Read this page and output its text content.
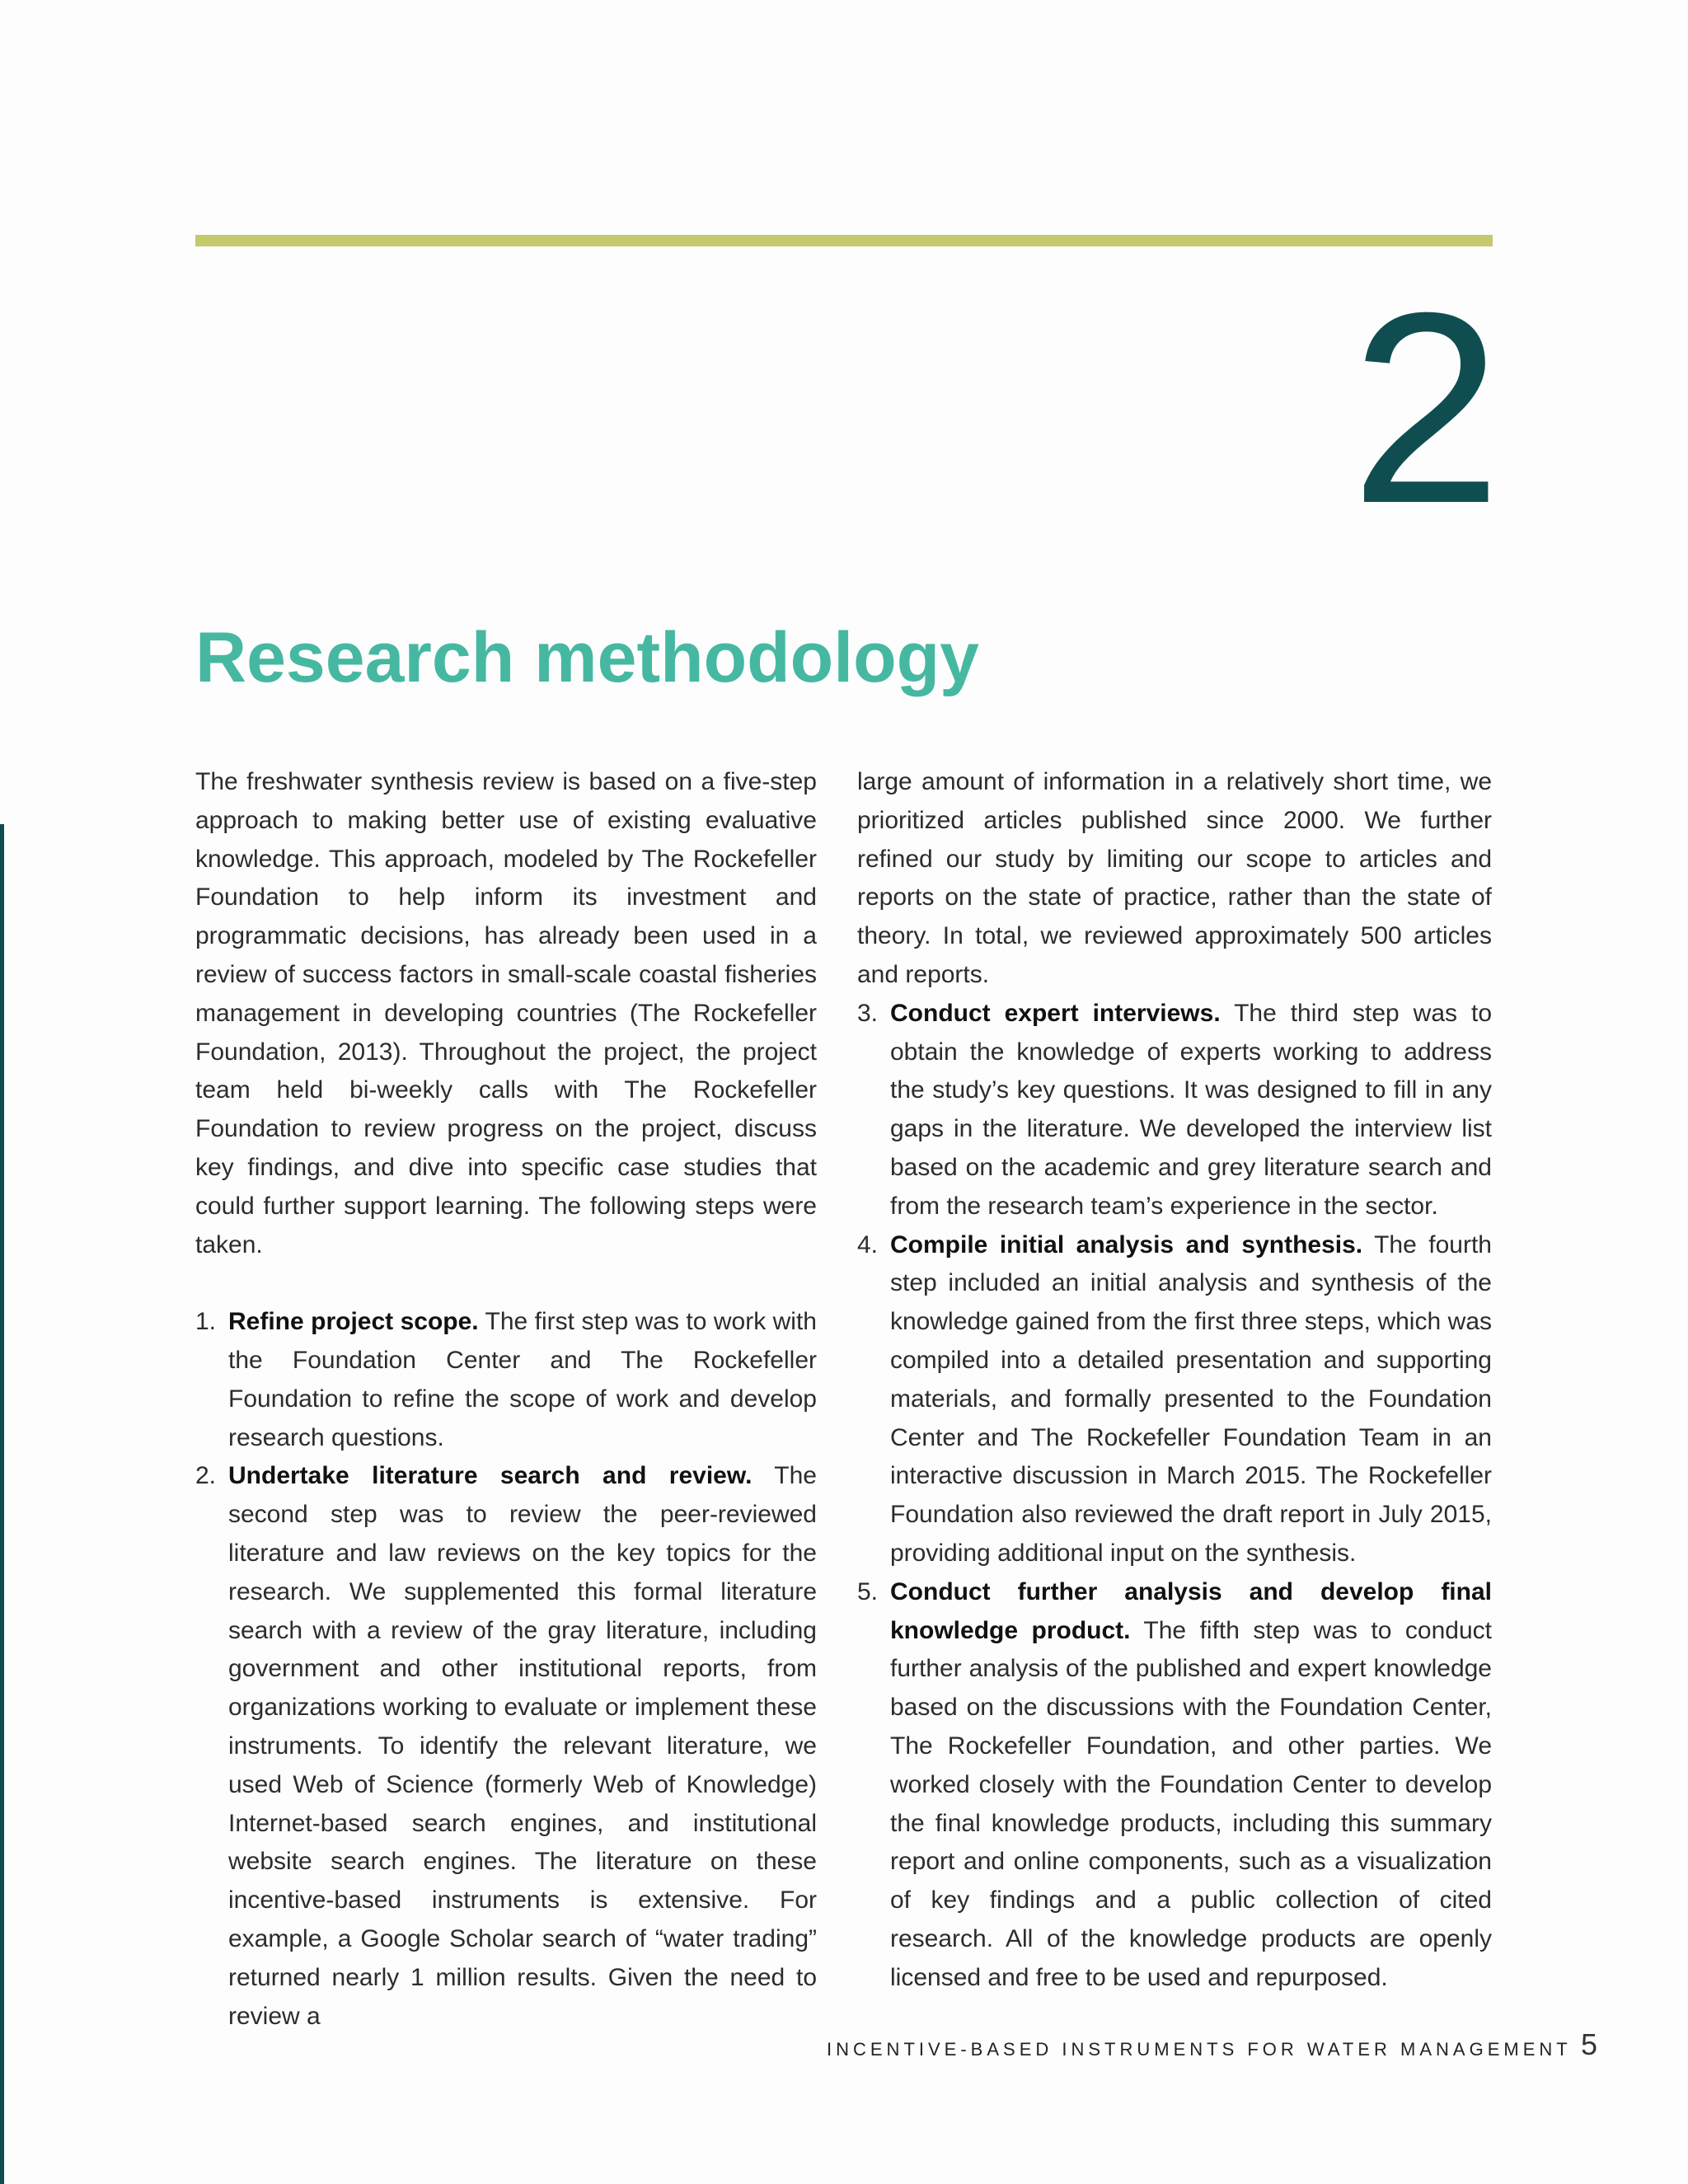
2
Research methodology

The freshwater synthesis review is based on a five-step approach to making better use of existing evaluative knowledge. This approach, modeled by The Rockefeller Foundation to help inform its investment and programmatic decisions, has already been used in a review of success factors in small-scale coastal fisheries management in developing countries (The Rockefeller Foundation, 2013). Throughout the project, the project team held bi-weekly calls with The Rockefeller Foundation to review progress on the project, discuss key findings, and dive into specific case studies that could further support learning. The following steps were taken.

1. Refine project scope. The first step was to work with the Foundation Center and The Rockefeller Foundation to refine the scope of work and develop research questions.
2. Undertake literature search and review. The second step was to review the peer-reviewed literature and law reviews on the key topics for the research. We supplemented this formal literature search with a review of the gray literature, including government and other institutional reports, from organizations working to evaluate or implement these instruments. To identify the relevant literature, we used Web of Science (formerly Web of Knowledge) Internet-based search engines, and institutional website search engines. The literature on these incentive-based instruments is extensive. For example, a Google Scholar search of “water trading” returned nearly 1 million results. Given the need to review a

large amount of information in a relatively short time, we prioritized articles published since 2000. We further refined our study by limiting our scope to articles and reports on the state of practice, rather than the state of theory. In total, we reviewed approximately 500 articles and reports.

3. Conduct expert interviews. The third step was to obtain the knowledge of experts working to address the study’s key questions. It was designed to fill in any gaps in the literature. We developed the interview list based on the academic and grey literature search and from the research team’s experience in the sector.
4. Compile initial analysis and synthesis. The fourth step included an initial analysis and synthesis of the knowledge gained from the first three steps, which was compiled into a detailed presentation and supporting materials, and formally presented to the Foundation Center and The Rockefeller Foundation Team in an interactive discussion in March 2015. The Rockefeller Foundation also reviewed the draft report in July 2015, providing additional input on the synthesis.
5. Conduct further analysis and develop final knowledge product. The fifth step was to conduct further analysis of the published and expert knowledge based on the discussions with the Foundation Center, The Rockefeller Foundation, and other parties. We worked closely with the Foundation Center to develop the final knowledge products, including this summary report and online components, such as a visualization of key findings and a public collection of cited research. All of the knowledge products are openly licensed and free to be used and repurposed.
INCENTIVE-BASED INSTRUMENTS FOR WATER MANAGEMENT 5
